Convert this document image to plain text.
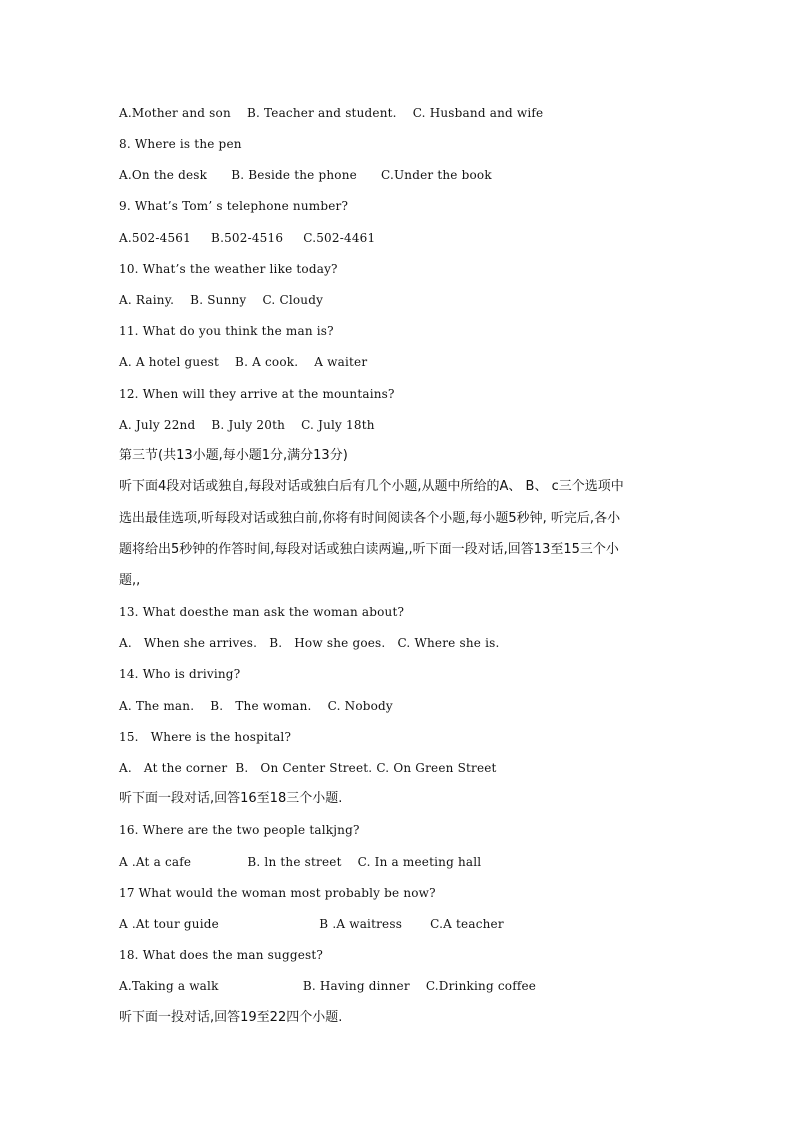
A.Mother and son    B. Teacher and student.    C. Husband and wife
8. Where is the pen
A.On the desk      B. Beside the phone      C.Under the book
9. What’s Tom’ s telephone number?
A.502-4561     B.502-4516     C.502-4461
10. What’s the weather like today?
A. Rainy.    B. Sunny    C. Cloudy
11. What do you think the man is?
A. A hotel guest    B. A cook.    A waiter
12. When will they arrive at the mountains?
A. July 22nd    B. July 20th    C. July 18th
第三节(共13小题,每小题1分,满分13分)
听下面4段对话或独自,每段对话或独白后有几个小题,从题中所给的A、 B、 c三个选项中
选出最佳选项,听每段对话或独白前,你将有时间阅读各个小题,每小题5秒钟, 听完后,各小
题将给出5秒钟的作答时间,每段对话或独白读两遍,,听下面一段对话,回答13至15三个小
题,,
13. What doesthe man ask the woman about?
A.   When she arrives.   B.   How she goes.   C. Where she is.
14. Who is driving?
A. The man.    B.   The woman.    C. Nobody
15.   Where is the hospital?
A.   At the corner  B.   On Center Street. C. On Green Street
听下面一段对话,回答16至18三个小题.
16. Where are the two people talkjng?
A .At a cafe              B. ln the street    C. In a meeting hall
17 What would the woman most probably be now?
A .At tour guide                         B .A waitress       C.A teacher
18. What does the man suggest?
A.Taking a walk                     B. Having dinner    C.Drinking coffee
听下面一投对话,回答19至22四个小题.
